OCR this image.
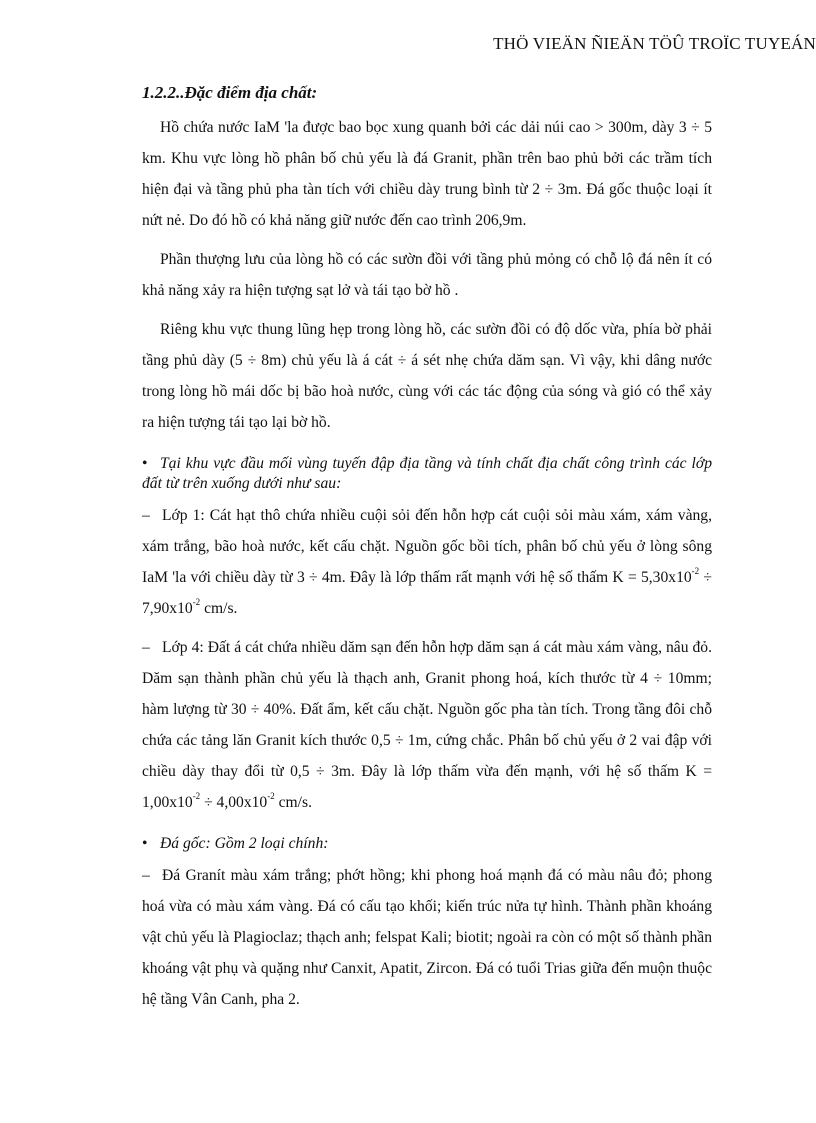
THÖ VIEÄN ÑIEÄN TÖÛ TROÏC TUYEÁN
1.2.2..Đặc điểm địa chất:

Hồ chứa nước IaM 'la được bao bọc xung quanh bởi các dải núi cao > 300m, dày 3 ÷ 5 km. Khu vực lòng hồ phân bố chủ yếu là đá Granit, phần trên bao phủ bởi các trầm tích hiện đại và tầng phủ pha tàn tích với chiều dày trung bình từ 2 ÷ 3m. Đá gốc thuộc loại ít nứt nẻ. Do đó hồ có khả năng giữ nước đến cao trình 206,9m.

Phần thượng lưu của lòng hồ có các sườn đồi với tầng phủ mỏng có chỗ lộ đá nên ít có khả năng xảy ra hiện tượng sạt lở và tái tạo bờ hồ .

Riêng khu vực thung lũng hẹp trong lòng hồ, các sườn đồi có độ dốc vừa, phía bờ phải tầng phủ dày (5 ÷ 8m) chủ yếu là á cát ÷ á sét nhẹ chứa dăm sạn. Vì vậy, khi dâng nước trong lòng hồ mái dốc bị bão hoà nước, cùng với các tác động của sóng và gió có thể xảy ra hiện tượng tái tạo lại bờ hồ.

• Tại khu vực đầu mối vùng tuyến đập địa tầng và tính chất địa chất công trình các lớp đất từ trên xuống dưới như sau:

– Lớp 1: Cát hạt thô chứa nhiều cuội sỏi đến hỗn hợp cát cuội sỏi màu xám, xám vàng, xám trắng, bão hoà nước, kết cấu chặt. Nguồn gốc bồi tích, phân bố chủ yếu ở lòng sông IaM 'la với chiều dày từ 3 ÷ 4m. Đây là lớp thấm rất mạnh với hệ số thấm $K = 5,30x10^{-2} \div 7,90x10^{-2}$ cm/s.

– Lớp 4: Đất á cát chứa nhiều dăm sạn đến hỗn hợp dăm sạn á cát màu xám vàng, nâu đỏ. Dăm sạn thành phần chủ yếu là thạch anh, Granit phong hoá, kích thước từ 4 ÷ 10mm; hàm lượng từ 30 ÷ 40%. Đất ẩm, kết cấu chặt. Nguồn gốc pha tàn tích. Trong tầng đôi chỗ chứa các tảng lăn Granit kích thước 0,5 ÷ 1m, cứng chắc. Phân bố chủ yếu ở 2 vai đập với chiều dày thay đổi từ 0,5 ÷ 3m. Đây là lớp thấm vừa đến mạnh, với hệ số thấm $K = 1,00x10^{-2} \div 4,00x10^{-2}$ cm/s.

• Đá gốc: Gồm 2 loại chính:

– Đá Granít màu xám trắng; phớt hồng; khi phong hoá mạnh đá có màu nâu đỏ; phong hoá vừa có màu xám vàng. Đá có cấu tạo khối; kiến trúc nửa tự hình. Thành phần khoáng vật chủ yếu là Plagioclaz; thạch anh; felspat Kali; biotit; ngoài ra còn có một số thành phần khoáng vật phụ và quặng như Canxit, Apatit, Zircon. Đá có tuổi Trias giữa đến muộn thuộc hệ tầng Vân Canh, pha 2.
